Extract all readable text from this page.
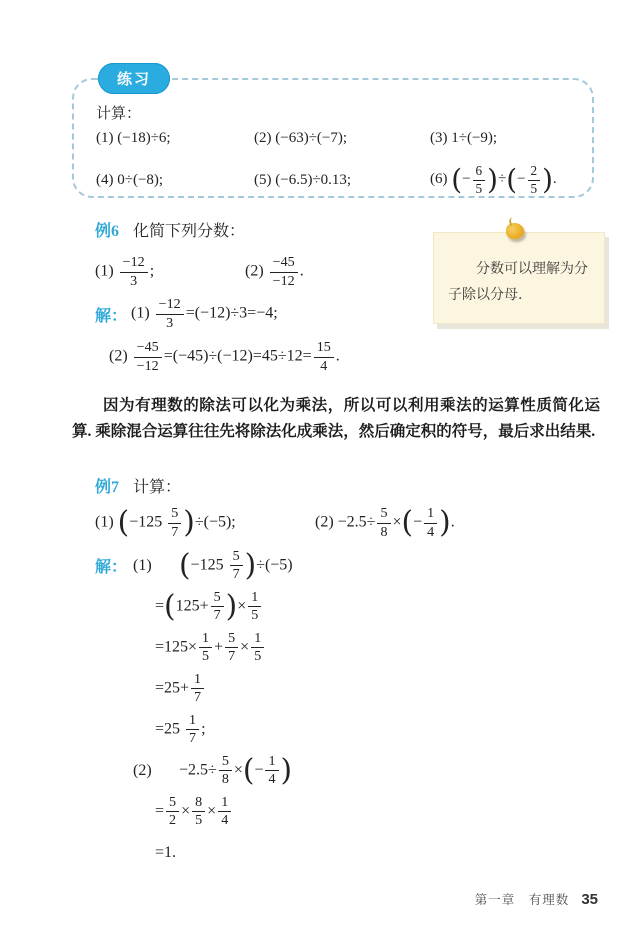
练习
计算：
(1) (−18)÷6;	(2) (−63)÷(−7);	(3) 1÷(−9);
(4) 0÷(−8);	(5) (−6.5)÷0.13;	(6) (− $\frac{6}{5}$ )÷(− $\frac{2}{5}$ ).
例6 化简下列分数：
$(1) \frac{-12}{3}$ ;	$(2) \frac{-45}{-12}$ .
解： $(1) \frac{-12}{3} =(-12)\div 3=-4$;
$(2) \frac{-45}{-12} =(-45)\div(-12)=45\div 12= \frac{15}{4}$ .
分数可以理解为分子除以分母.
因为有理数的除法可以化为乘法，所以可以利用乘法的运算性质简化运算. 乘除混合运算往往先将除法化成乘法，然后确定积的符号，最后求出结果.
例7 计算：
(1) $(-125 \frac{5}{7} )\div(-5)$;	$(2) -2.5\div \frac{5}{8}$ ×(− $\frac{1}{4}$ ).
解： (1) $(-125 \frac{5}{7} )\div(-5)$
$=(125+ \frac{5}{7}$ )× $\frac{1}{5}$
$=125\times \frac{1}{5} + \frac{5}{7} \times \frac{1}{5}$
$=25+ \frac{1}{7}$
$=25 \frac{1}{7}$ ;
(2)	$-2.5\div \frac{5}{8}$ ×(− $\frac{1}{4}$ )
= $\frac{5}{2} \times \frac{8}{5} \times \frac{1}{4}$
=1.
第一章　有理数 35
